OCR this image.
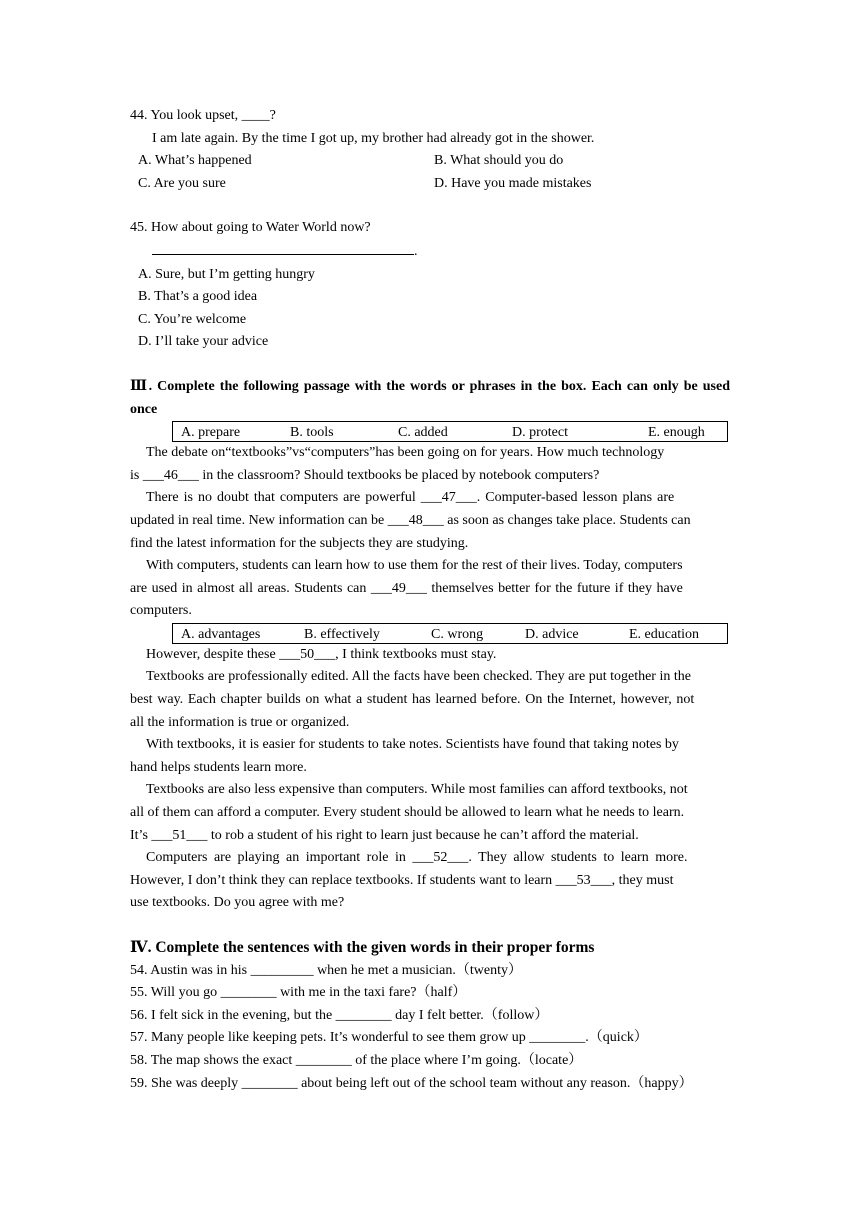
44. You look upset, ____?
I am late again. By the time I got up, my brother had already got in the shower.
A. What’s happened	B. What should you do
C. Are you sure	D. Have you made mistakes
45. How about going to Water World now?
.
A. Sure, but I’m getting hungry
B. That’s a good idea
C. You’re welcome
D. I’ll take your advice
Ⅲ. Complete the following passage with the words or phrases in the box. Each can only be used once
A. prepare	B. tools	C. added	D. protect	E. enough
The debate on“textbooks”vs“computers”has been going on for years. How much technology
is ___46___ in the classroom? Should textbooks be placed by notebook computers?
There is no doubt that computers are powerful ___47___. Computer-based lesson plans are
updated in real time. New information can be ___48___ as soon as changes take place. Students can
find the latest information for the subjects they are studying.
With computers, students can learn how to use them for the rest of their lives. Today, computers
are used in almost all areas. Students can ___49___ themselves better for the future if they have
computers.
A. advantages	B. effectively	C. wrong	D. advice	E. education
However, despite these ___50___, I think textbooks must stay.
Textbooks are professionally edited. All the facts have been checked. They are put together in the
best way. Each chapter builds on what a student has learned before. On the Internet, however, not
all the information is true or organized.
With textbooks, it is easier for students to take notes. Scientists have found that taking notes by
hand helps students learn more.
Textbooks are also less expensive than computers. While most families can afford textbooks, not
all of them can afford a computer. Every student should be allowed to learn what he needs to learn.
It’s ___51___ to rob a student of his right to learn just because he can’t afford the material.
Computers are playing an important role in ___52___. They allow students to learn more.
However, I don’t think they can replace textbooks. If students want to learn ___53___, they must
use textbooks. Do you agree with me?
Ⅳ. Complete the sentences with the given words in their proper forms
54. Austin was in his _________ when he met a musician.（twenty）
55. Will you go ________ with me in the taxi fare?（half）
56. I felt sick in the evening, but the ________ day I felt better.（follow）
57. Many people like keeping pets. It’s wonderful to see them grow up ________.（quick）
58. The map shows the exact ________ of the place where I’m going.（locate）
59. She was deeply ________ about being left out of the school team without any reason.（happy）
